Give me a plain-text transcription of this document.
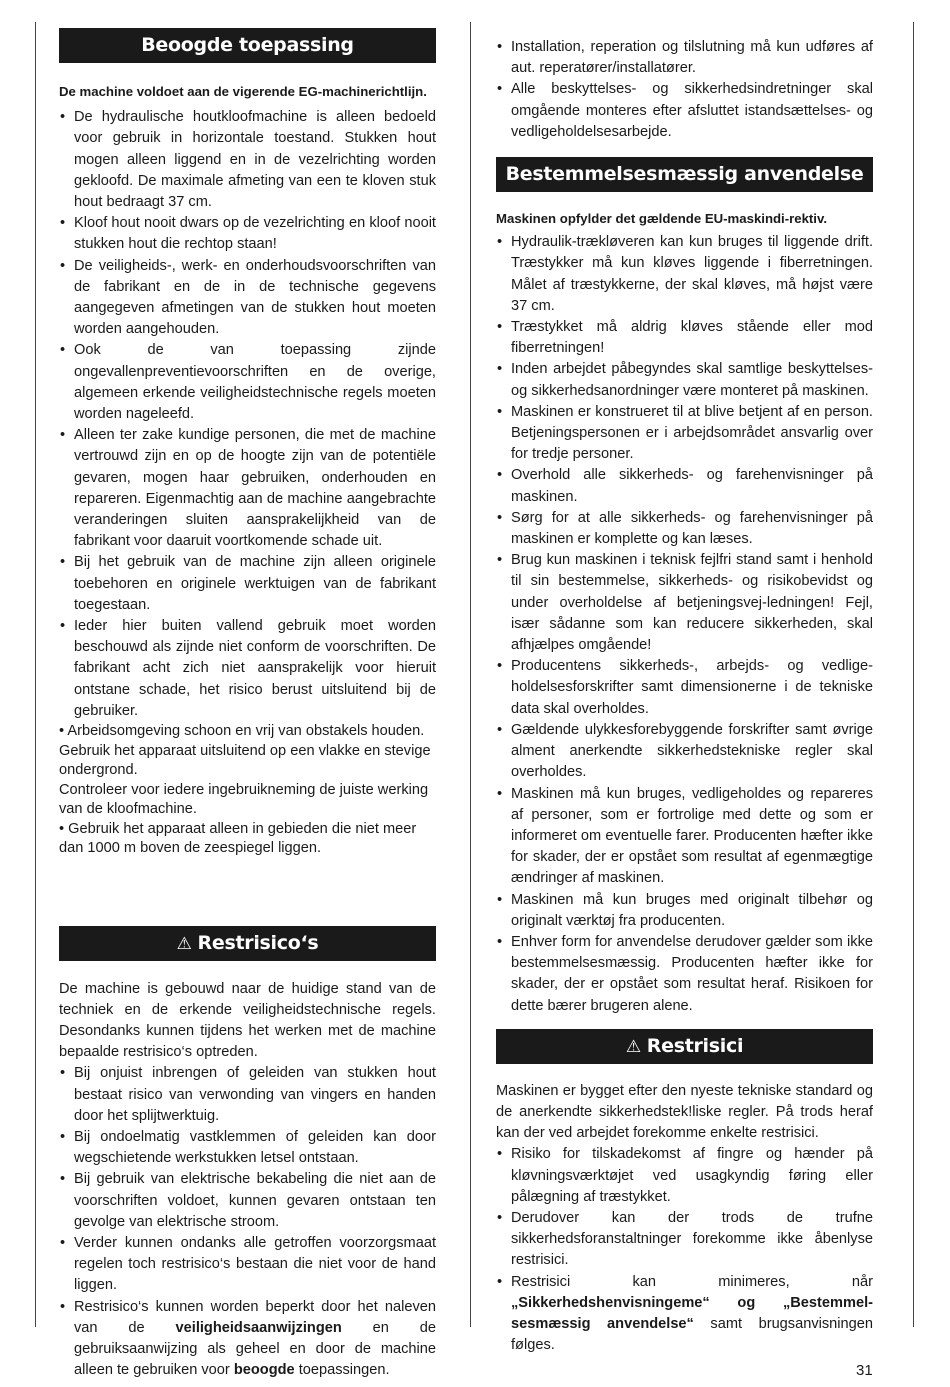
Beoogde toepassing

De machine voldoet aan de vigerende EG-machinerichtlijn.

• De hydraulische houtkloofmachine is alleen bedoeld voor gebruik in horizontale toestand. Stukken hout mogen alleen liggend en in de vezelrichting worden gekloofd. De maximale afmeting van een te kloven stuk hout bedraagt 37 cm.
• Kloof hout nooit dwars op de vezelrichting en kloof nooit stukken hout die rechtop staan!
• De veiligheids-, werk- en onderhoudsvoorschriften van de fabrikant en de in de technische gegevens aangegeven afmetingen van de stukken hout moeten worden aangehouden.
• Ook de van toepassing zijnde ongevallenpreventievoorschriften en de overige, algemeen erkende veiligheidstechnische regels moeten worden nageleefd.
• Alleen ter zake kundige personen, die met de machine vertrouwd zijn en op de hoogte zijn van de potentiële gevaren, mogen haar gebruiken, onderhouden en repareren. Eigenmachtig aan de machine aangebrachte veranderingen sluiten aansprakelijkheid van de fabrikant voor daaruit voortkomende schade uit.
• Bij het gebruik van de machine zijn alleen originele toebehoren en originele werktuigen van de fabrikant toegestaan.
• Ieder hier buiten vallend gebruik moet worden beschouwd als zijnde niet conform de voorschriften. De fabrikant acht zich niet aansprakelijk voor hieruit ontstane schade, het risico berust uitsluitend bij de gebruiker.

• Arbeidsomgeving schoon en vrij van obstakels houden.

Gebruik het apparaat uitsluitend op een vlakke en stevige ondergrond.

Controleer voor iedere ingebruikneming de juiste werking van de kloofmachine.

• Gebruik het apparaat alleen in gebieden die niet meer dan 1000 m boven de zeespiegel liggen.

⚠ Restrisico‘s

De machine is gebouwd naar de huidige stand van de techniek en de erkende veiligheidstechnische regels. Desondanks kunnen tijdens het werken met de machine bepaalde restrisico‘s optreden.

• Bij onjuist inbrengen of geleiden van stukken hout bestaat risico van verwonding van vingers en handen door het splijtwerktuig.
• Bij ondoelmatig vastklemmen of geleiden kan door wegschietende werkstukken letsel ontstaan.
• Bij gebruik van elektrische bekabeling die niet aan de voorschriften voldoet, kunnen gevaren ontstaan ten gevolge van elektrische stroom.
• Verder kunnen ondanks alle getroffen voorzorgsmaat regelen toch restrisico‘s bestaan die niet voor de hand liggen.
• Restrisico‘s kunnen worden beperkt door het naleven van de veiligheidsaanwijzingen en de gebruiksaanwijzing als geheel en door de machine alleen te gebruiken voor beoogde toepassingen.
• Installation, reperation og tilslutning må kun udføres af aut. reperatører/installatører.
• Alle beskyttelses- og sikkerhedsindretninger skal omgående monteres efter afsluttet istandsættelses- og vedligeholdelsesarbejde.
Bestemmelsesmæssig anvendelse

Maskinen opfylder det gældende EU-maskindi-rektiv.

• Hydraulik-trækløveren kan kun bruges til liggende drift. Træstykker må kun kløves liggende i fiberretningen. Målet af træstykkerne, der skal kløves, må højst være 37 cm.
• Træstykket må aldrig kløves stående eller mod fiberretningen!
• Inden arbejdet påbegyndes skal samtlige beskyttelses- og sikkerhedsanordninger være monteret på maskinen.
• Maskinen er konstrueret til at blive betjent af en person. Betjeningspersonen er i arbejdsområdet ansvarlig over for tredje personer.
• Overhold alle sikkerheds- og farehenvisninger på maskinen.
• Sørg for at alle sikkerheds- og farehenvisninger på maskinen er komplette og kan læses.
• Brug kun maskinen i teknisk fejlfri stand samt i henhold til sin bestemmelse, sikkerheds- og risikobevidst og under overholdelse af betjeningsvej-ledningen! Fejl, især sådanne som kan reducere sikkerheden, skal afhjælpes omgående!
• Producentens sikkerheds-, arbejds- og vedlige-holdelsesforskrifter samt dimensionerne i de tekniske data skal overholdes.
• Gældende ulykkesforebyggende forskrifter samt øvrige alment anerkendte sikkerhedstekniske regler skal overholdes.
• Maskinen må kun bruges, vedligeholdes og repareres af personer, som er fortrolige med dette og som er informeret om eventuelle farer. Producenten hæfter ikke for skader, der er opstået som resultat af egenmægtige ændringer af maskinen.
• Maskinen må kun bruges med originalt tilbehør og originalt værktøj fra producenten.
• Enhver form for anvendelse derudover gælder som ikke bestemmelsesmæssig. Producenten hæfter ikke for skader, der er opstået som resultat heraf. Risikoen for dette bærer brugeren alene.
⚠ Restrisici

Maskinen er bygget efter den nyeste tekniske standard og de anerkendte sikkerhedstek!liske regler. På trods heraf kan der ved arbejdet forekomme enkelte restrisici.

• Risiko for tilskadekomst af fingre og hænder på kløvningsværktøjet ved usagkyndig føring eller pålægning af træstykket.
• Derudover kan der trods de trufne sikkerhedsforanstaltninger forekomme ikke åbenlyse restrisici.
• Restrisici kan minimeres, når „Sikkerhedshenvisningeme“ og „Bestemmel-sesmæssig anvendelse“ samt brugsanvisningen følges.
31
